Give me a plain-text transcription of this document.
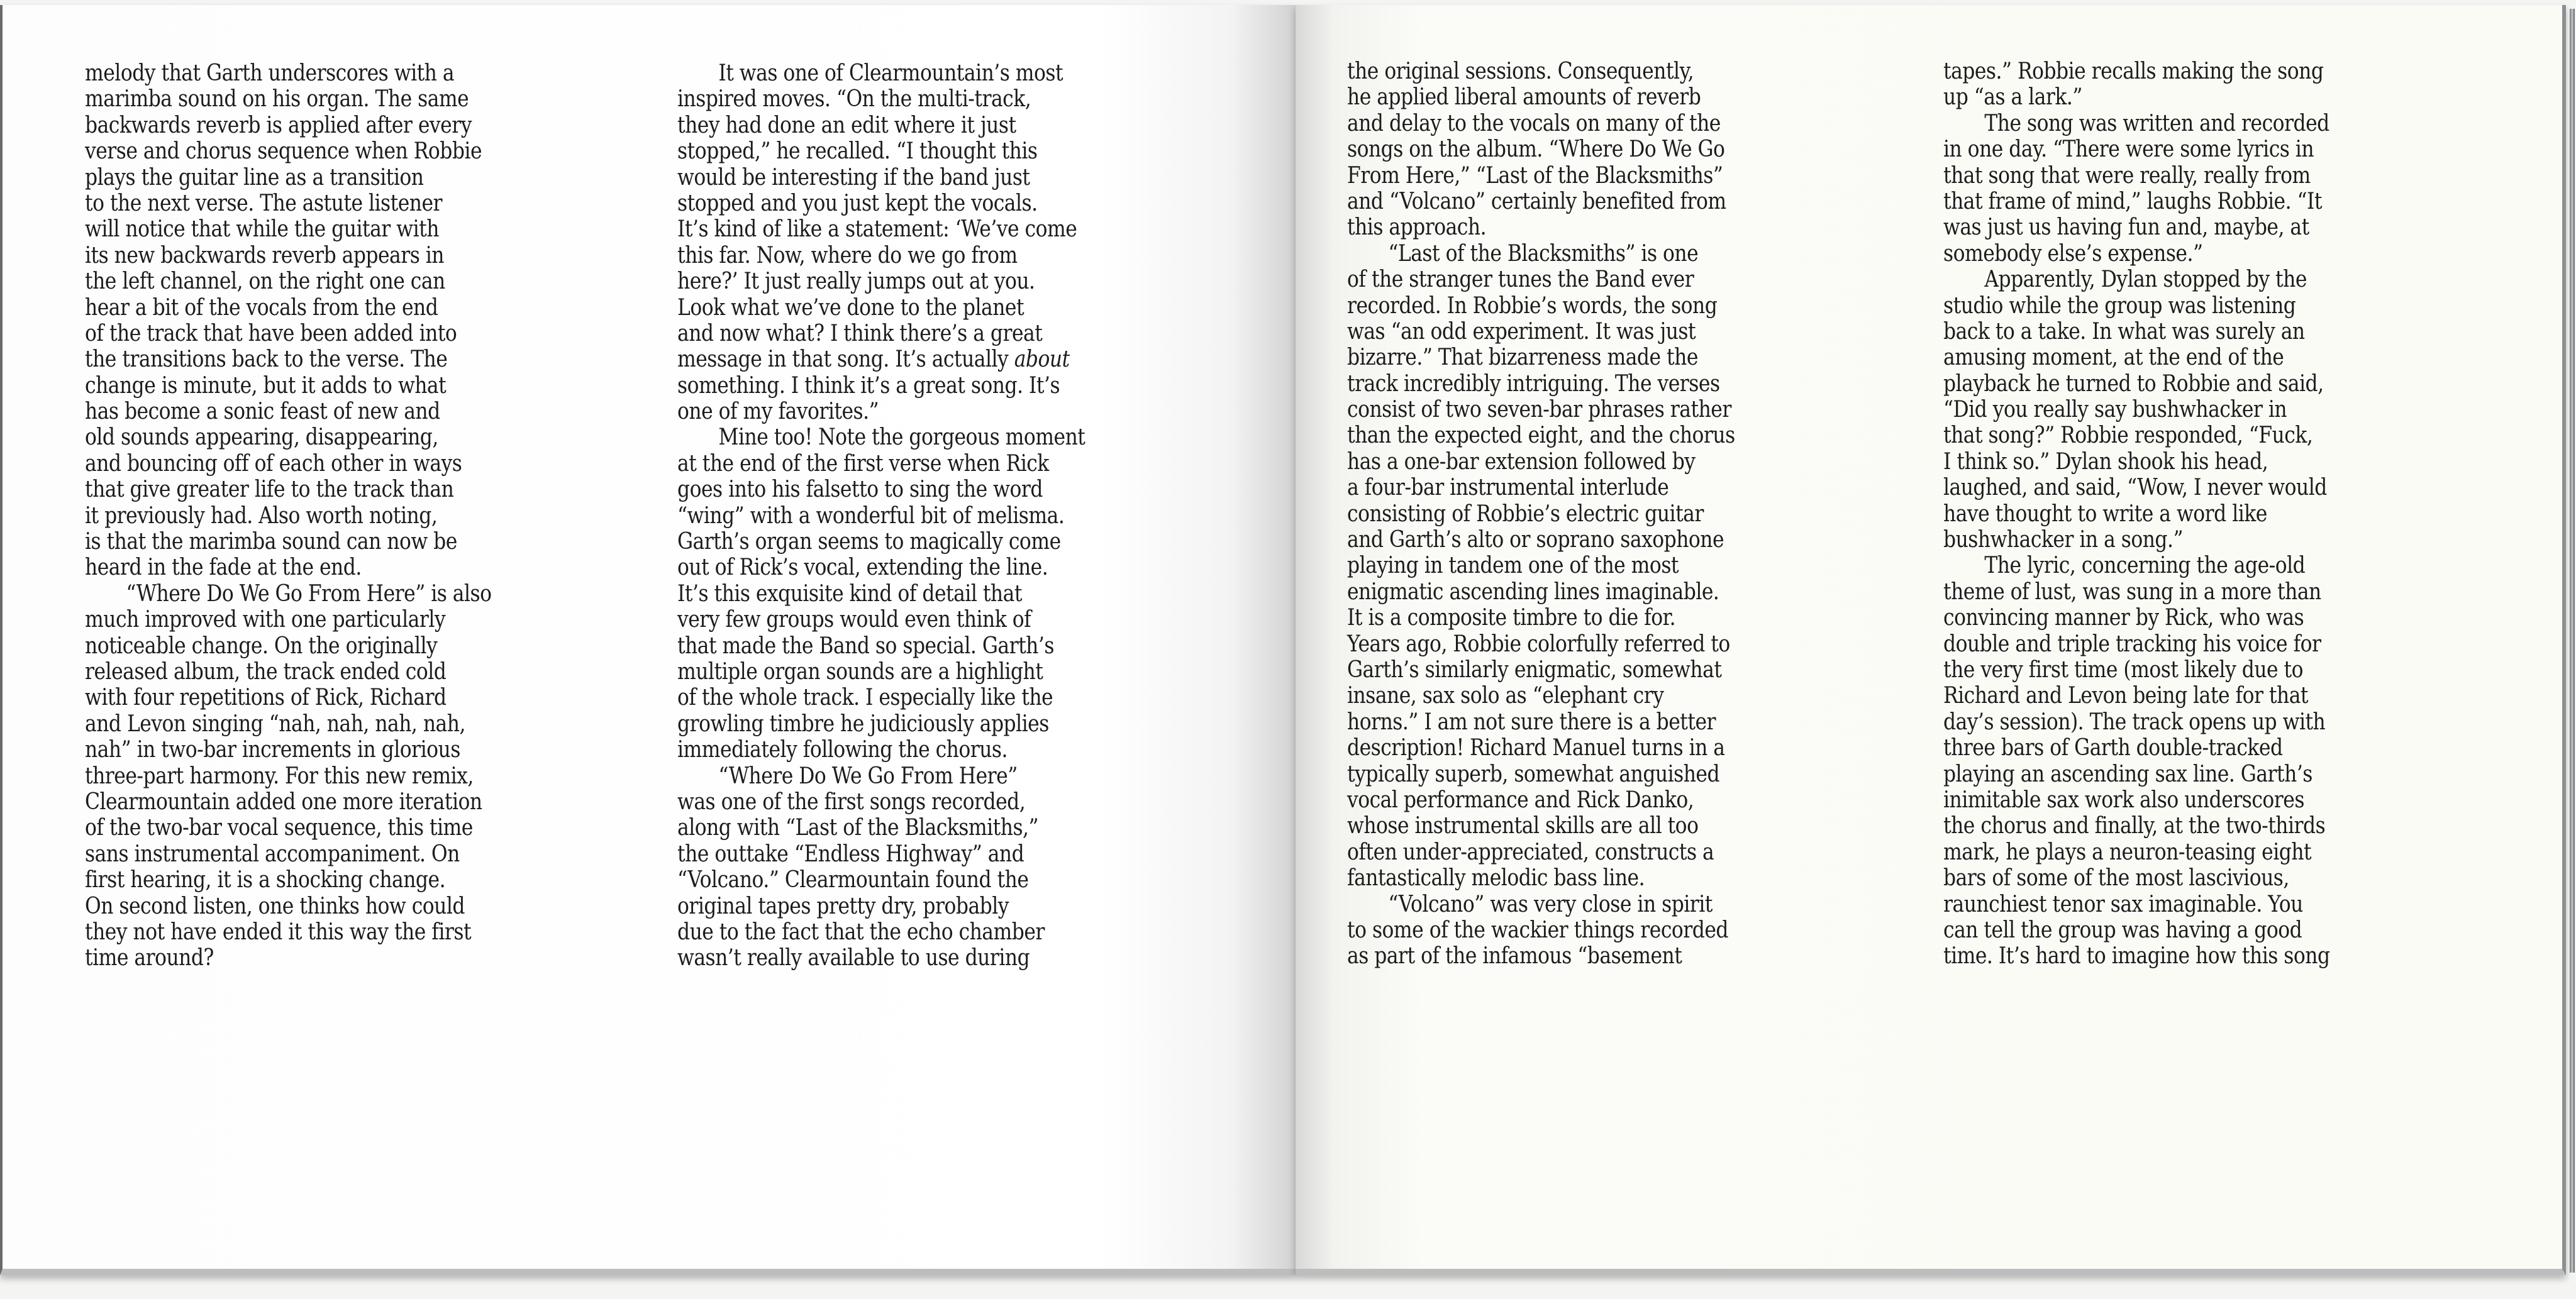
melody that Garth underscores with a
marimba sound on his organ. The same
backwards reverb is applied after every
verse and chorus sequence when Robbie
plays the guitar line as a transition
to the next verse. The astute listener
will notice that while the guitar with
its new backwards reverb appears in
the left channel, on the right one can
hear a bit of the vocals from the end
of the track that have been added into
the transitions back to the verse. The
change is minute, but it adds to what
has become a sonic feast of new and
old sounds appearing, disappearing,
and bouncing off of each other in ways
that give greater life to the track than
it previously had. Also worth noting,
is that the marimba sound can now be
heard in the fade at the end.
“Where Do We Go From Here” is also
much improved with one particularly
noticeable change. On the originally
released album, the track ended cold
with four repetitions of Rick, Richard
and Levon singing “nah, nah, nah, nah,
nah” in two-bar increments in glorious
three-part harmony. For this new remix,
Clearmountain added one more iteration
of the two-bar vocal sequence, this time
sans instrumental accompaniment. On
first hearing, it is a shocking change.
On second listen, one thinks how could
they not have ended it this way the first
time around?
It was one of Clearmountain’s most
inspired moves. “On the multi-track,
they had done an edit where it just
stopped,” he recalled. “I thought this
would be interesting if the band just
stopped and you just kept the vocals.
It’s kind of like a statement: ‘We’ve come
this far. Now, where do we go from
here?’ It just really jumps out at you.
Look what we’ve done to the planet
and now what? I think there’s a great
message in that song. It’s actually about
something. I think it’s a great song. It’s
one of my favorites.”
Mine too! Note the gorgeous moment
at the end of the first verse when Rick
goes into his falsetto to sing the word
“wing” with a wonderful bit of melisma.
Garth’s organ seems to magically come
out of Rick’s vocal, extending the line.
It’s this exquisite kind of detail that
very few groups would even think of
that made the Band so special. Garth’s
multiple organ sounds are a highlight
of the whole track. I especially like the
growling timbre he judiciously applies
immediately following the chorus.
“Where Do We Go From Here”
was one of the first songs recorded,
along with “Last of the Blacksmiths,”
the outtake “Endless Highway” and
“Volcano.” Clearmountain found the
original tapes pretty dry, probably
due to the fact that the echo chamber
wasn’t really available to use during
the original sessions. Consequently,
he applied liberal amounts of reverb
and delay to the vocals on many of the
songs on the album. “Where Do We Go
From Here,” “Last of the Blacksmiths”
and “Volcano” certainly benefited from
this approach.
“Last of the Blacksmiths” is one
of the stranger tunes the Band ever
recorded. In Robbie’s words, the song
was “an odd experiment. It was just
bizarre.” That bizarreness made the
track incredibly intriguing. The verses
consist of two seven-bar phrases rather
than the expected eight, and the chorus
has a one-bar extension followed by
a four-bar instrumental interlude
consisting of Robbie’s electric guitar
and Garth’s alto or soprano saxophone
playing in tandem one of the most
enigmatic ascending lines imaginable.
It is a composite timbre to die for.
Years ago, Robbie colorfully referred to
Garth’s similarly enigmatic, somewhat
insane, sax solo as “elephant cry
horns.” I am not sure there is a better
description! Richard Manuel turns in a
typically superb, somewhat anguished
vocal performance and Rick Danko,
whose instrumental skills are all too
often under-appreciated, constructs a
fantastically melodic bass line.
“Volcano” was very close in spirit
to some of the wackier things recorded
as part of the infamous “basement
tapes.” Robbie recalls making the song
up “as a lark.”
The song was written and recorded
in one day. “There were some lyrics in
that song that were really, really from
that frame of mind,” laughs Robbie. “It
was just us having fun and, maybe, at
somebody else’s expense.”
Apparently, Dylan stopped by the
studio while the group was listening
back to a take. In what was surely an
amusing moment, at the end of the
playback he turned to Robbie and said,
“Did you really say bushwhacker in
that song?” Robbie responded, “Fuck,
I think so.” Dylan shook his head,
laughed, and said, “Wow, I never would
have thought to write a word like
bushwhacker in a song.”
The lyric, concerning the age-old
theme of lust, was sung in a more than
convincing manner by Rick, who was
double and triple tracking his voice for
the very first time (most likely due to
Richard and Levon being late for that
day’s session). The track opens up with
three bars of Garth double-tracked
playing an ascending sax line. Garth’s
inimitable sax work also underscores
the chorus and finally, at the two-thirds
mark, he plays a neuron-teasing eight
bars of some of the most lascivious,
raunchiest tenor sax imaginable. You
can tell the group was having a good
time. It’s hard to imagine how this song
